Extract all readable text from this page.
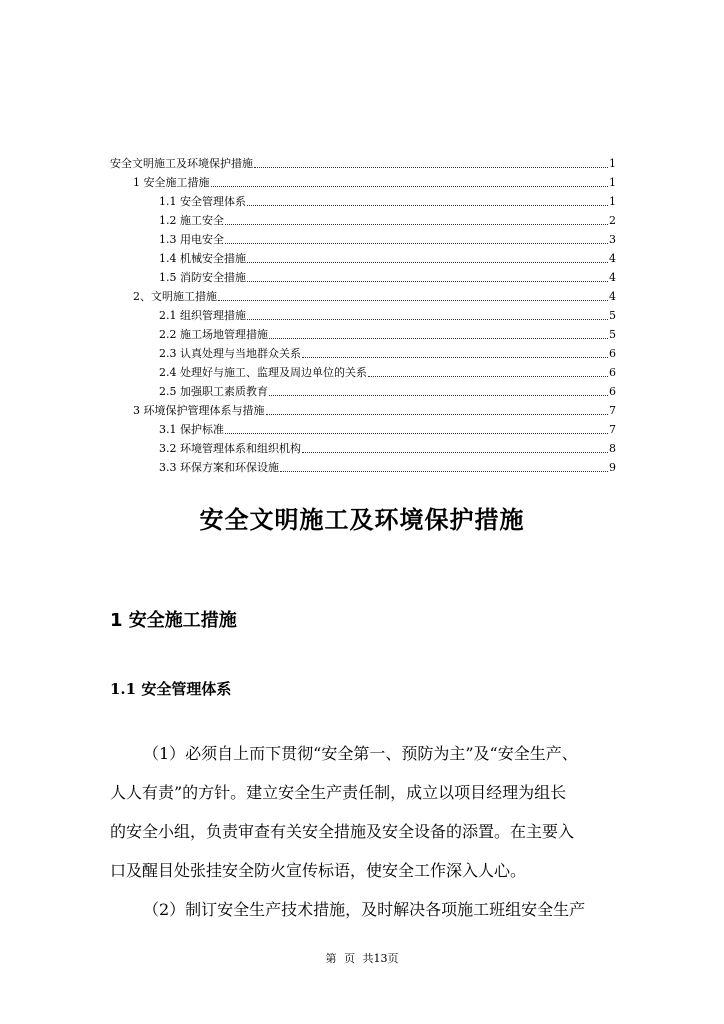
安全文明施工及环境保护措施	1
1 安全施工措施	1
1.1 安全管理体系	1
1.2 施工安全	2
1.3 用电安全	3
1.4 机械安全措施	4
1.5 消防安全措施	4
2、文明施工措施	4
2.1 组织管理措施	5
2.2 施工场地管理措施	5
2.3 认真处理与当地群众关系	6
2.4 处理好与施工、监理及周边单位的关系	6
2.5 加强职工素质教育	6
3 环境保护管理体系与措施	7
3.1 保护标准	7
3.2 环境管理体系和组织机构	8
3.3 环保方案和环保设施	9
安全文明施工及环境保护措施
1 安全施工措施
1.1 安全管理体系
（1）必须自上而下贯彻“安全第一、预防为主”及“安全生产、
人人有责”的方针。建立安全生产责任制，成立以项目经理为组长
的安全小组，负责审查有关安全措施及安全设备的添置。在主要入
口及醒目处张挂安全防火宣传标语，使安全工作深入人心。
（2）制订安全生产技术措施，及时解决各项施工班组安全生产
第 页 共13页
